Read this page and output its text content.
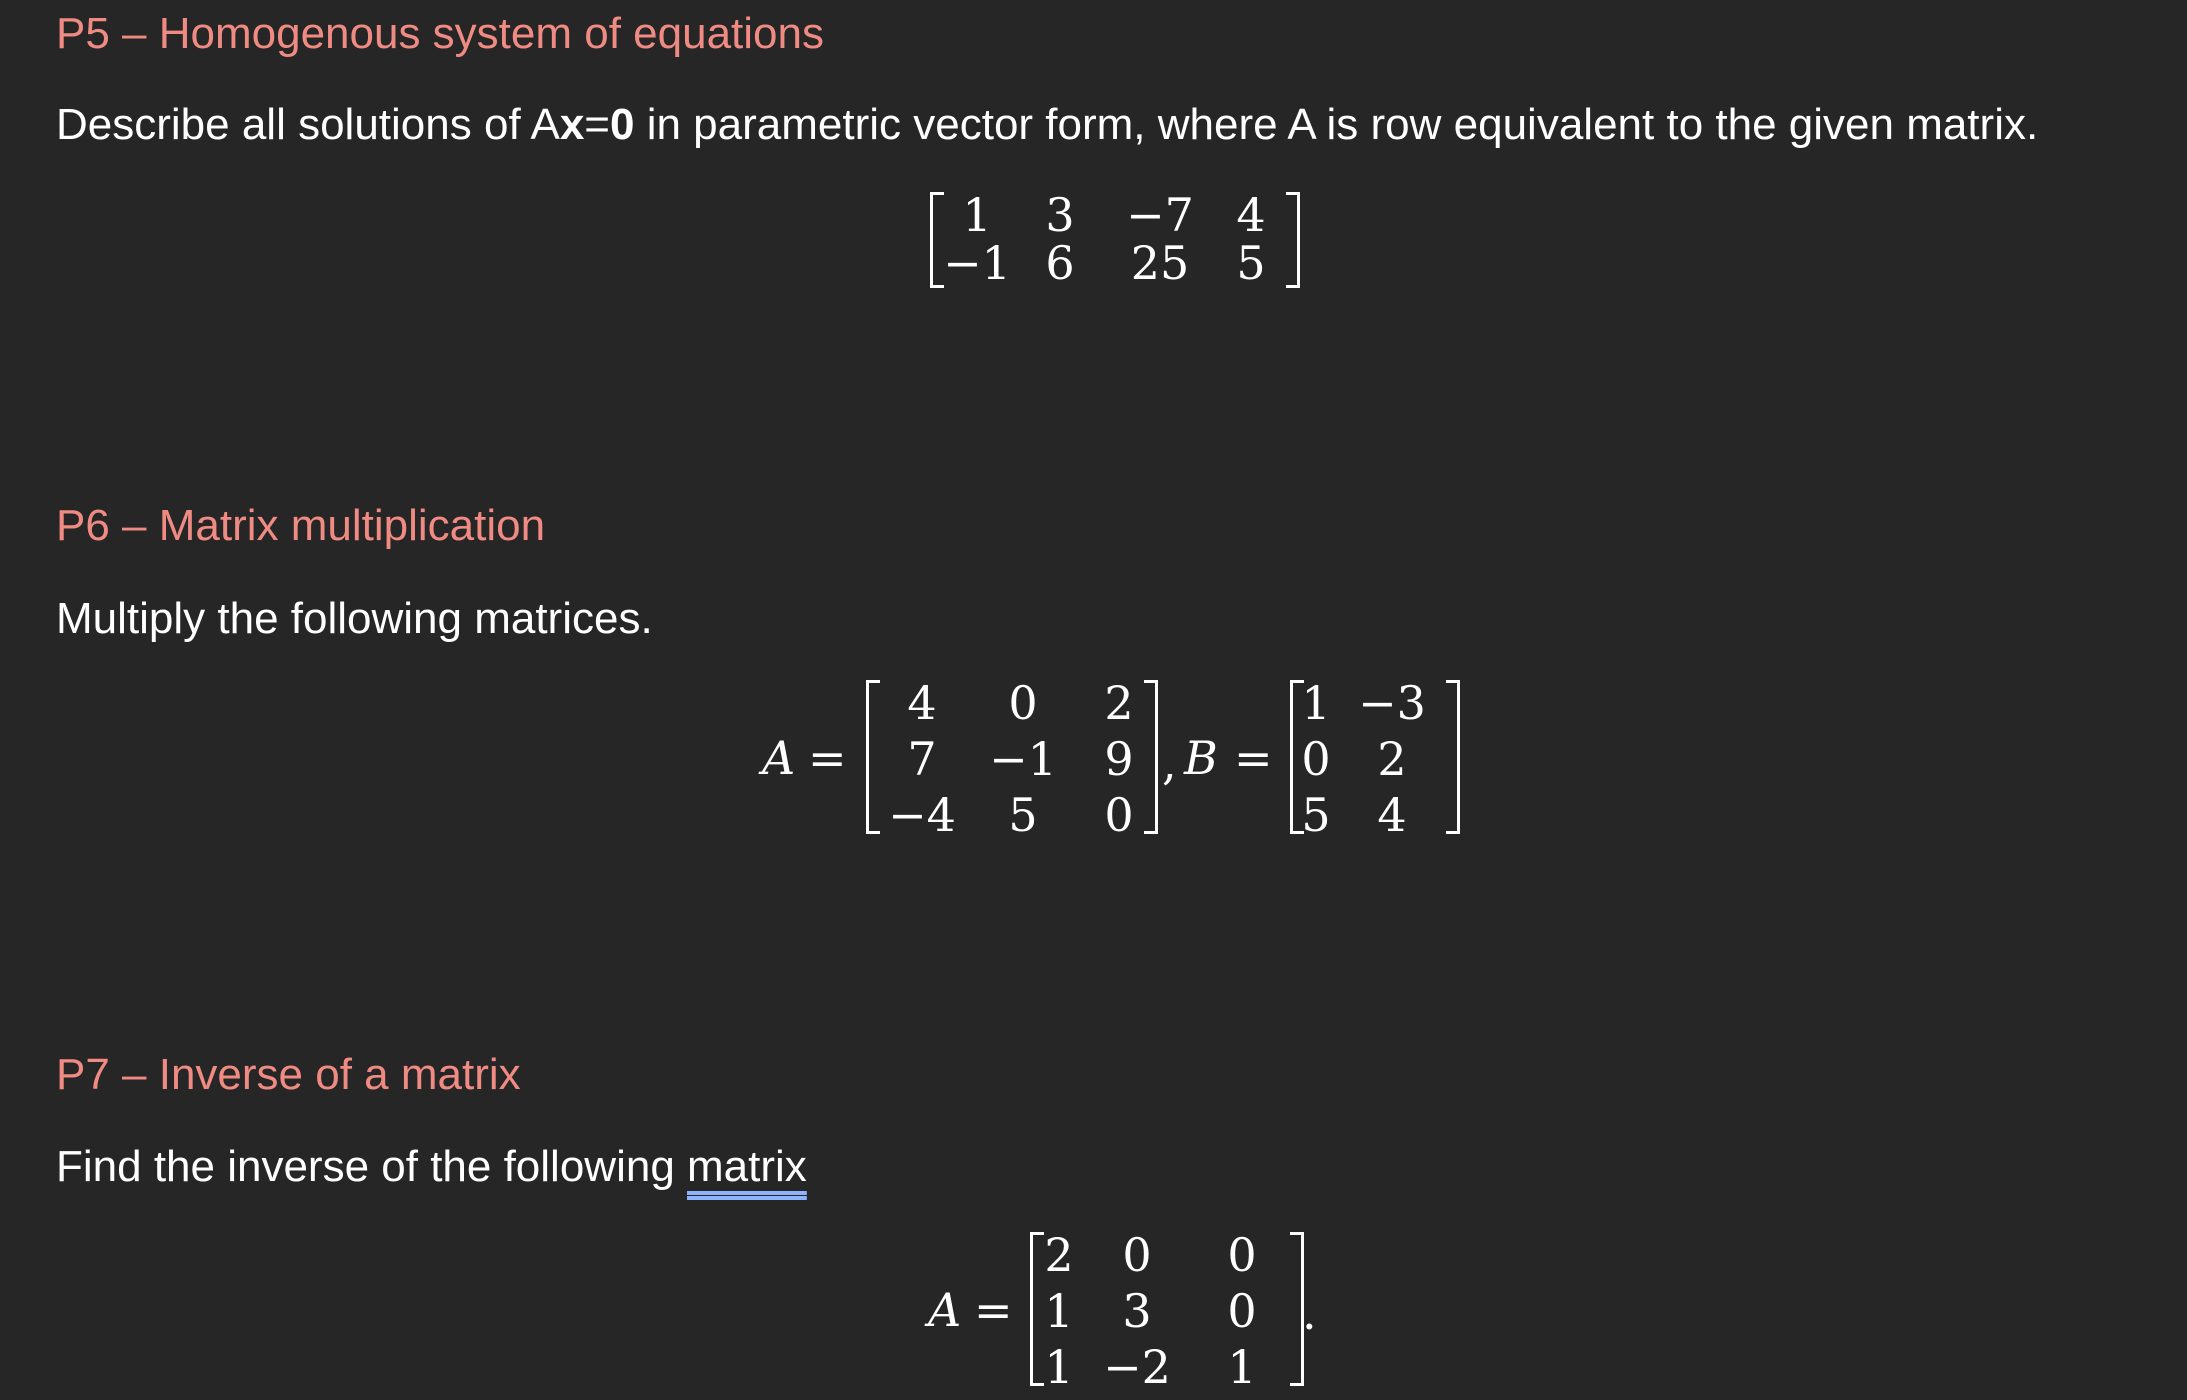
P5 – Homogenous system of equations
Describe all solutions of Ax=0 in parametric vector form, where A is row equivalent to the given matrix.
1	3	−7 4
−1 6	25	5
P6 – Matrix multiplication
Multiply the following matrices.
A =
4	0	2
7	−1	9
−4	5	0
, B =
1 −3
0	2
5	4
P7 – Inverse of a matrix
Find the inverse of the following matrix
A =
2	0	0
1	3	0
1 −2	1
.
